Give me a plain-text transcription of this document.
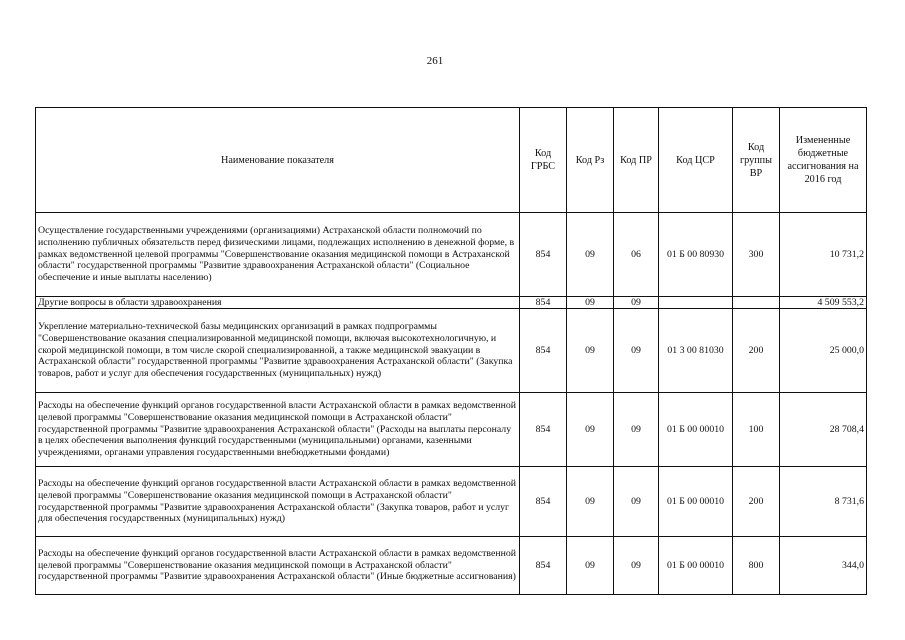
261
Наименование показателя	Код ГРБС	Код Рз	Код ПР	Код ЦСР	Код группы ВР	Измененные бюджетные ассигнования на 2016 год
Осуществление государственными учреждениями (организациями) Астраханской области полномочий по исполнению публичных обязательств перед физическими лицами, подлежащих исполнению в денежной форме, в рамках ведомственной целевой программы "Совершенствование оказания медицинской помощи в Астраханской области" государственной программы "Развитие здравоохранения Астраханской области" (Социальное обеспечение и иные выплаты населению)	854	09	06	01 Б 00 80930	300	10 731,2
Другие вопросы в области здравоохранения	854	09	09			4 509 553,2
Укрепление материально-технической базы медицинских организаций в рамках подпрограммы "Совершенствование оказания специализированной медицинской помощи, включая высокотехнологичную, и скорой медицинской помощи, в том числе скорой специализированной, а также медицинской эвакуации в Астраханской области" государственной программы "Развитие здравоохранения Астраханской области" (Закупка товаров, работ и услуг для обеспечения государственных (муниципальных) нужд)	854	09	09	01 3 00 81030	200	25 000,0
Расходы на обеспечение функций органов государственной власти Астраханской области в рамках ведомственной целевой программы "Совершенствование оказания медицинской помощи в Астраханской области" государственной программы "Развитие здравоохранения Астраханской области" (Расходы на выплаты персоналу в целях обеспечения выполнения функций государственными (муниципальными) органами, казенными учреждениями, органами управления государственными внебюджетными фондами)	854	09	09	01 Б 00 00010	100	28 708,4
Расходы на обеспечение функций органов государственной власти Астраханской области в рамках ведомственной целевой программы "Совершенствование оказания медицинской помощи в Астраханской области" государственной программы "Развитие здравоохранения Астраханской области" (Закупка товаров, работ и услуг для обеспечения государственных (муниципальных) нужд)	854	09	09	01 Б 00 00010	200	8 731,6
Расходы на обеспечение функций органов государственной власти Астраханской области в рамках ведомственной целевой программы "Совершенствование оказания медицинской помощи в Астраханской области" государственной программы "Развитие здравоохранения Астраханской области" (Иные бюджетные ассигнования)	854	09	09	01 Б 00 00010	800	344,0
